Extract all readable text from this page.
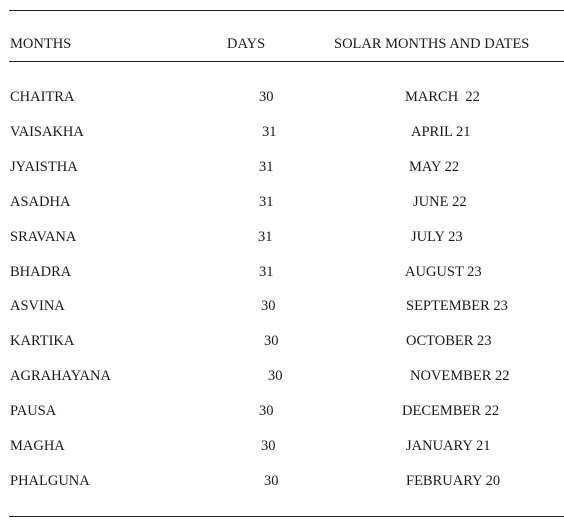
MONTHS	DAYS	SOLAR MONTHS AND DATES
CHAITRA	30	MARCH  22
VAISAKHA	31	APRIL 21
JYAISTHA	31	MAY 22
ASADHA	31	JUNE 22
SRAVANA	31	JULY 23
BHADRA	31	AUGUST 23
ASVINA	30	SEPTEMBER 23
KARTIKA	30	OCTOBER 23
AGRAHAYANA	30	NOVEMBER 22
PAUSA	30	DECEMBER 22
MAGHA	30	JANUARY 21
PHALGUNA	30	FEBRUARY 20
